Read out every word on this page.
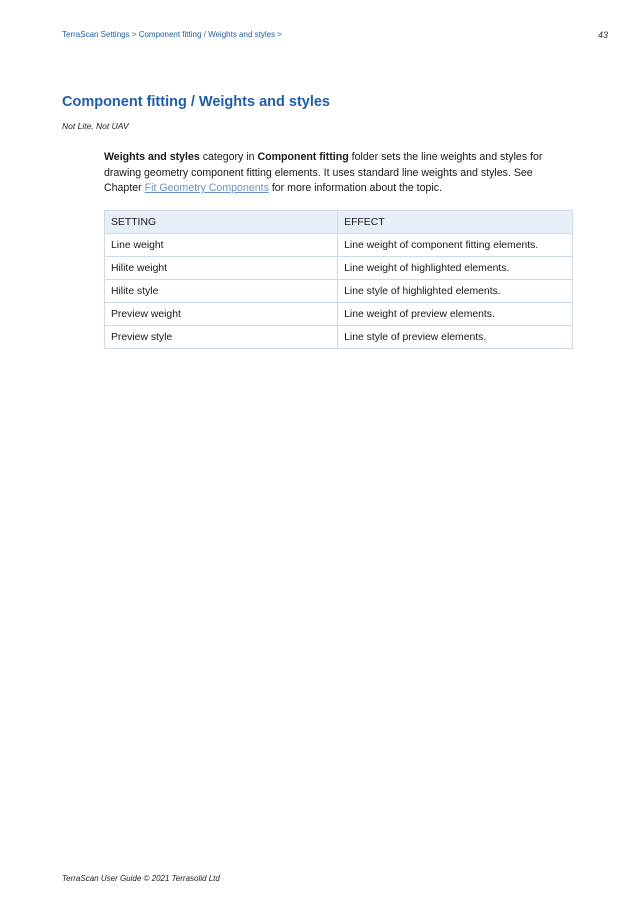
TerraScan Settings > Component fitting / Weights and styles >	43
Component fitting / Weights and styles
Not Lite, Not UAV

Weights and styles category in Component fitting folder sets the line weights and styles for drawing geometry component fitting elements. It uses standard line weights and styles. See Chapter Fit Geometry Components for more information about the topic.

SETTING	EFFECT
Line weight	Line weight of component fitting elements.
Hilite weight	Line weight of highlighted elements.
Hilite style	Line style of highlighted elements.
Preview weight	Line weight of preview elements.
Preview style	Line style of preview elements.
TerraScan User Guide © 2021 Terrasolid Ltd
